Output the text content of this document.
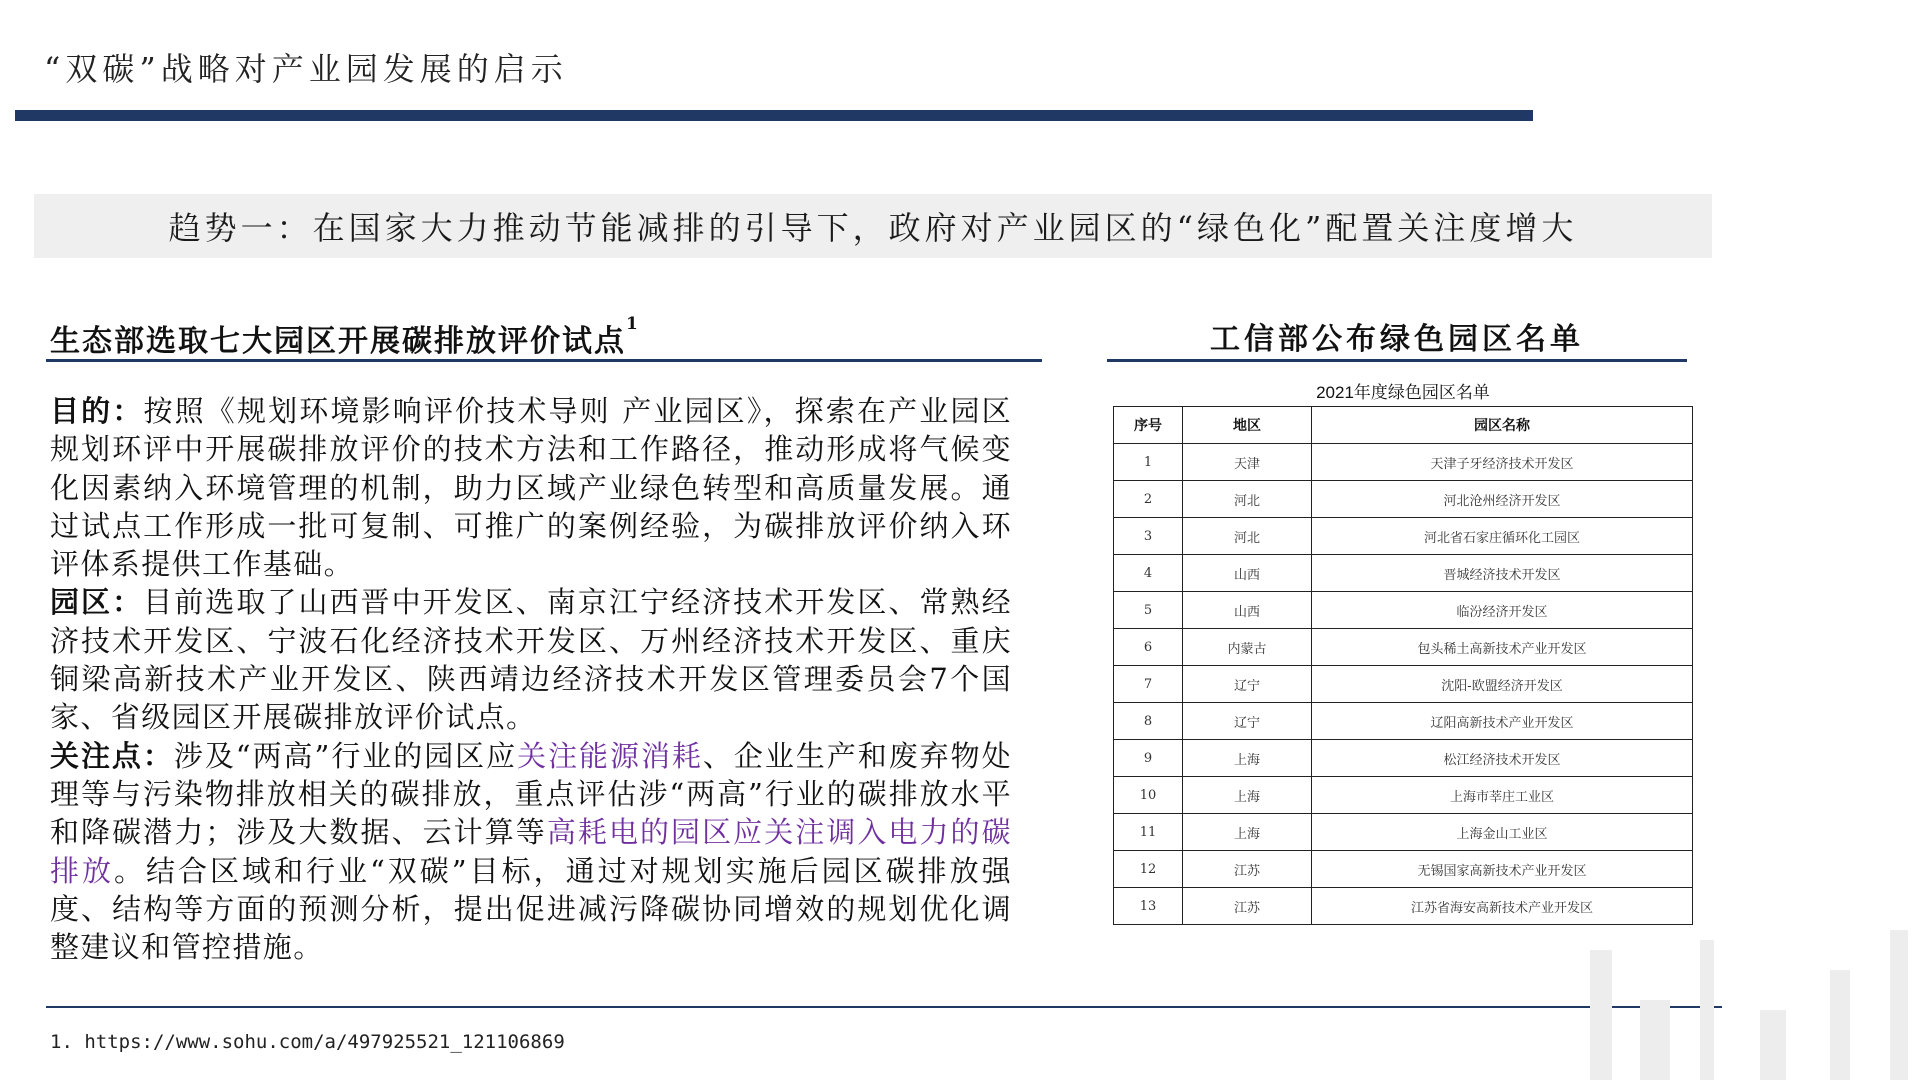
“双碳”战略对产业园发展的启示
趋势一：在国家大力推动节能减排的引导下，政府对产业园区的“绿色化”配置关注度增大
生态部选取七大园区开展碳排放评价试点$^1$

目的：按照《规划环境影响评价技术导则 产业园区》，探索在产业园区规划环评中开展碳排放评价的技术方法和工作路径，推动形成将气候变化因素纳入环境管理的机制，助力区域产业绿色转型和高质量发展。通过试点工作形成一批可复制、可推广的案例经验，为碳排放评价纳入环评体系提供工作基础。

园区：目前选取了山西晋中开发区、南京江宁经济技术开发区、常熟经济技术开发区、宁波石化经济技术开发区、万州经济技术开发区、重庆铜梁高新技术产业开发区、陕西靖边经济技术开发区管理委员会7个国家、省级园区开展碳排放评价试点。

关注点：涉及“两高”行业的园区应关注能源消耗、企业生产和废弃物处理等与污染物排放相关的碳排放，重点评估涉“两高”行业的碳排放水平和降碳潜力；涉及大数据、云计算等高耗电的园区应关注调入电力的碳排放。结合区域和行业“双碳”目标，通过对规划实施后园区碳排放强度、结构等方面的预测分析，提出促进减污降碳协同增效的规划优化调整建议和管控措施。

工信部公布绿色园区名单
2021年度绿色园区名单
序号	地区	园区名称
1	天津	天津子牙经济技术开发区
2	河北	河北沧州经济开发区
3	河北	河北省石家庄循环化工园区
4	山西	晋城经济技术开发区
5	山西	临汾经济开发区
6	内蒙古	包头稀土高新技术产业开发区
7	辽宁	沈阳-欧盟经济开发区
8	辽宁	辽阳高新技术产业开发区
9	上海	松江经济技术开发区
10	上海	上海市莘庄工业区
11	上海	上海金山工业区
12	江苏	无锡国家高新技术产业开发区
13	江苏	江苏省海安高新技术产业开发区
1. https://www.sohu.com/a/497925521_121106869
